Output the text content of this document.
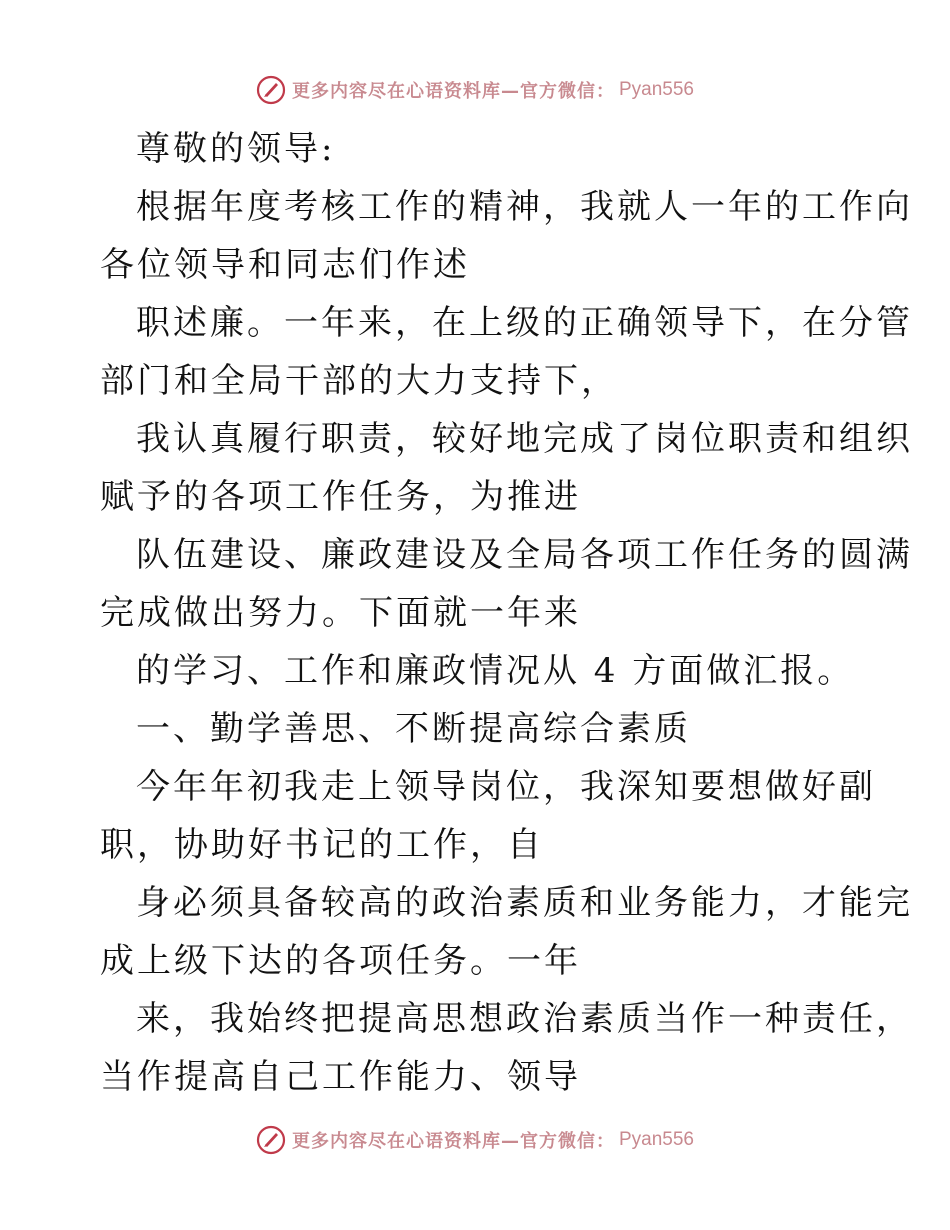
更多内容尽在心语资料库—官方微信： Pyan556
尊敬的领导:
根据年度考核工作的精神，我就人一年的工作向
各位领导和同志们作述
职述廉。一年来，在上级的正确领导下，在分管
部门和全局干部的大力支持下，
我认真履行职责，较好地完成了岗位职责和组织
赋予的各项工作任务，为推进
队伍建设、廉政建设及全局各项工作任务的圆满
完成做出努力。下面就一年来
的学习、工作和廉政情况从 4 方面做汇报。
一、勤学善思、不断提高综合素质
今年年初我走上领导岗位，我深知要想做好副
职，协助好书记的工作，自
身必须具备较高的政治素质和业务能力，才能完
成上级下达的各项任务。一年
来，我始终把提高思想政治素质当作一种责任，
当作提高自己工作能力、领导
更多内容尽在心语资料库—官方微信： Pyan556
